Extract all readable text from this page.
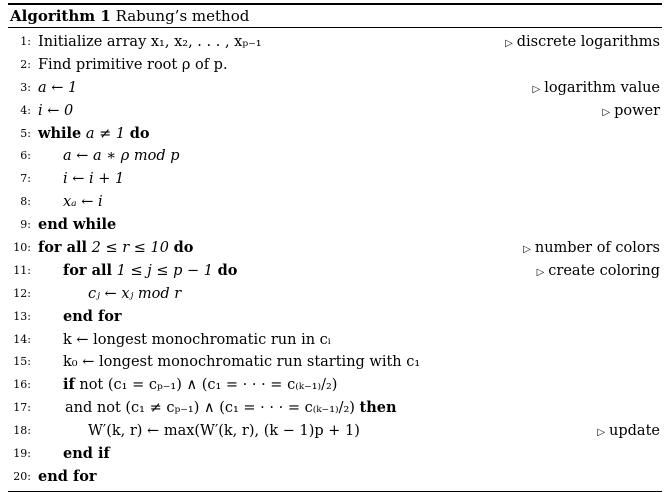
Algorithm 1 Rabung’s method
1: Initialize array x₁, x₂, . . . , xₚ₋₁	▷ discrete logarithms
2: Find primitive root ρ of p.
3: a ← 1	▷ logarithm value
4: i ← 0	▷ power
5: while a ≠ 1 do
6: a ← a ∗ ρ mod p
7: i ← i + 1
8: xₐ ← i
9: end while
10: for all 2 ≤ r ≤ 10 do	▷ number of colors
11: for all 1 ≤ j ≤ p − 1 do	▷ create coloring
12:	cⱼ ← xⱼ mod r
13: end for
14: k ← longest monochromatic run in cᵢ
15: k₀ ← longest monochromatic run starting with c₁
16: if not (c₁ = cₚ₋₁) ∧ (c₁ = · · · = c₍ₖ₋₁₎/₂)
17: and not (c₁ ≠ cₚ₋₁) ∧ (c₁ = · · · = c₍ₖ₋₁₎/₂) then
18:	W′(k, r) ← max(W′(k, r), (k − 1)p + 1)	▷ update
19: end if
20: end for
